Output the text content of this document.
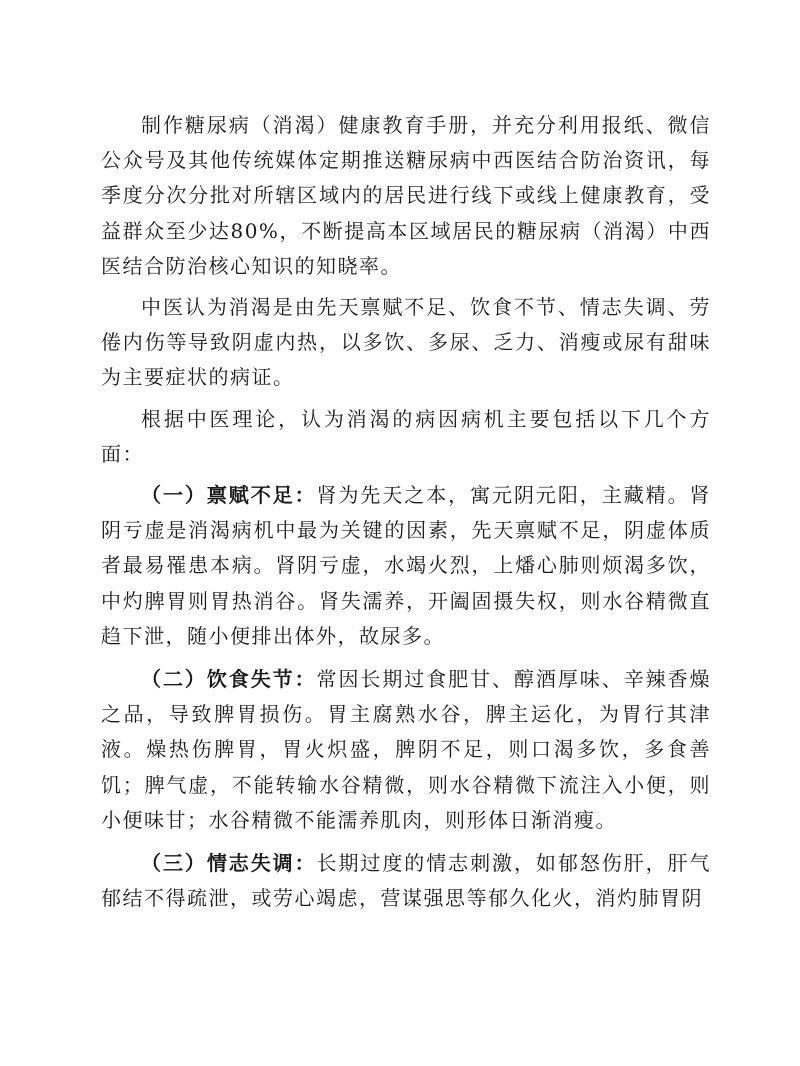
制作糖尿病（消渴）健康教育手册，并充分利用报纸、微信公众号及其他传统媒体定期推送糖尿病中西医结合防治资讯，每季度分次分批对所辖区域内的居民进行线下或线上健康教育，受益群众至少达80%，不断提高本区域居民的糖尿病（消渴）中西医结合防治核心知识的知晓率。

中医认为消渴是由先天禀赋不足、饮食不节、情志失调、劳倦内伤等导致阴虚内热，以多饮、多尿、乏力、消瘦或尿有甜味为主要症状的病证。

根据中医理论，认为消渴的病因病机主要包括以下几个方面：

（一）禀赋不足：肾为先天之本，寓元阴元阳，主藏精。肾阴亏虚是消渴病机中最为关键的因素，先天禀赋不足，阴虚体质者最易罹患本病。肾阴亏虚，水竭火烈，上燔心肺则烦渴多饮，中灼脾胃则胃热消谷。肾失濡养，开阖固摄失权，则水谷精微直趋下泄，随小便排出体外，故尿多。

（二）饮食失节：常因长期过食肥甘、醇酒厚味、辛辣香燥之品，导致脾胃损伤。胃主腐熟水谷，脾主运化，为胃行其津液。燥热伤脾胃，胃火炽盛，脾阴不足，则口渴多饮，多食善饥；脾气虚，不能转输水谷精微，则水谷精微下流注入小便，则小便味甘；水谷精微不能濡养肌肉，则形体日渐消瘦。

（三）情志失调：长期过度的情志刺激，如郁怒伤肝，肝气郁结不得疏泄，或劳心竭虑，营谋强思等郁久化火，消灼肺胃阴
